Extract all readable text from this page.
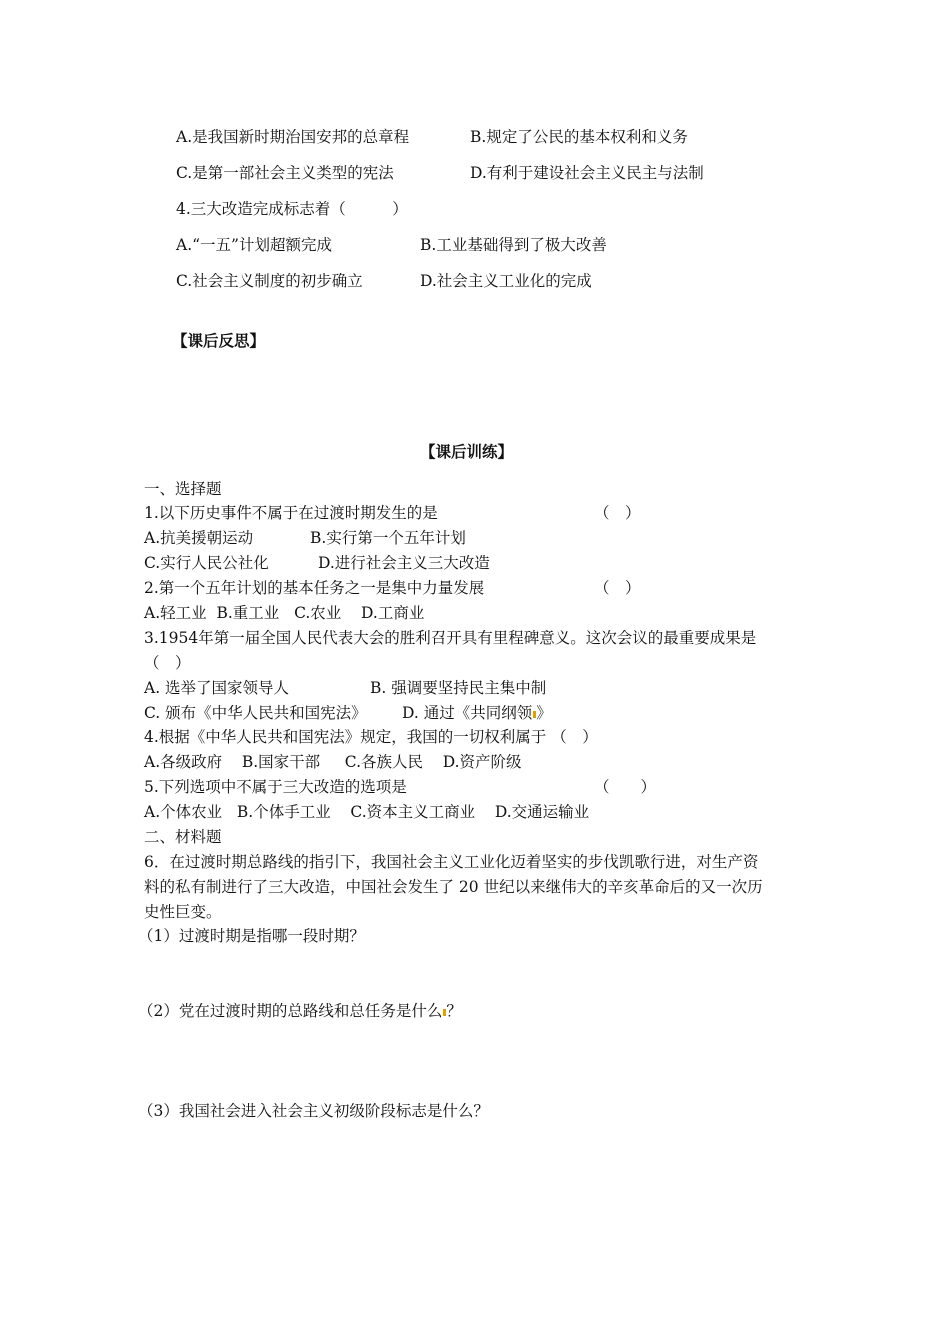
A.是我国新时期治国安邦的总章程	B.规定了公民的基本权利和义务
C.是第一部社会主义类型的宪法	D.有利于建设社会主义民主与法制
4.三大改造完成标志着（　　　）
A.“一五”计划超额完成	B.工业基础得到了极大改善
C.社会主义制度的初步确立	D.社会主义工业化的完成
【课后反思】
【课后训练】
一、选择题
1.以下历史事件不属于在过渡时期发生的是	（　）
A.抗美援朝运动	B.实行第一个五年计划
C.实行人民公社化	D.进行社会主义三大改造
2.第一个五年计划的基本任务之一是集中力量发展	（　）
A.轻工业  B.重工业   C.农业    D.工商业
3.1954年第一届全国人民代表大会的胜利召开具有里程碑意义。这次会议的最重要成果是
（　）
A. 选举了国家领导人	B. 强调要坚持民主集中制
C. 颁布《中华人民共和国宪法》 D. 通过《共同纲领 》
4.根据《中华人民共和国宪法》规定，我国的一切权利属于 （　）
A.各级政府    B.国家干部     C.各族人民    D.资产阶级
5.下列选项中不属于三大改造的选项是	（　　）
A.个体农业   B.个体手工业    C.资本主义工商业    D.交通运输业
二、材料题
6．在过渡时期总路线的指引下，我国社会主义工业化迈着坚实的步伐凯歌行进，对生产资
料的私有制进行了三大改造，中国社会发生了 20 世纪以来继伟大的辛亥革命后的又一次历
史性巨变。
（1）过渡时期是指哪一段时期？
（2）党在过渡时期的总路线和总任务是什么 ？
（3）我国社会进入社会主义初级阶段标志是什么？
